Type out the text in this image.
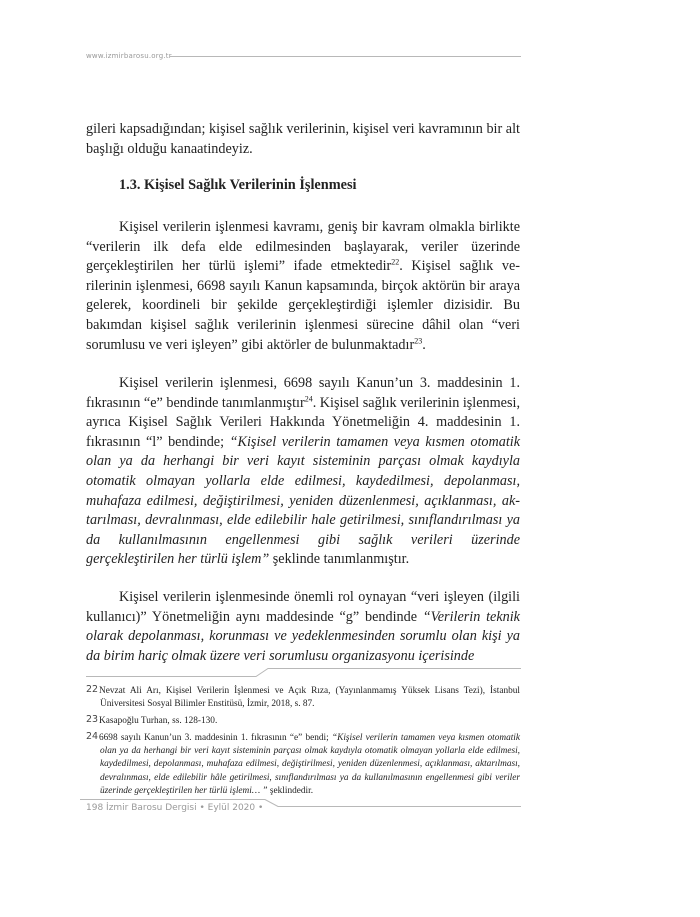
www.izmirbarosu.org.tr

gileri kapsadığından; kişisel sağlık verilerinin, kişisel veri kavramının bir alt başlığı olduğu kanaatindeyiz.

1.3. Kişisel Sağlık Verilerinin İşlenmesi

Kişisel verilerin işlenmesi kavramı, geniş bir kavram olmakla birlikte “verilerin ilk defa elde edilmesinden başlayarak, veriler üzerinde gerçekleştirilen her türlü işlemi” ifade etmektedir$^{22}$. Kişisel sağlık verilerinin işlenmesi, 6698 sayılı Kanun kapsamında, birçok aktörün bir araya gelerek, koordineli bir şekilde gerçekleştirdiği işlemler dizisidir. Bu bakımdan kişisel sağlık verilerinin işlenmesi sürecine dâhil olan “veri sorumlusu ve veri işleyen” gibi aktörler de bulunmaktadır$^{23}$.

Kişisel verilerin işlenmesi, 6698 sayılı Kanun’un 3. maddesinin 1. fıkrasının “e” bendinde tanımlanmıştır$^{24}$. Kişisel sağlık verilerinin işlenmesi, ayrıca Kişisel Sağlık Verileri Hakkında Yönetmeliğin 4. maddesinin 1. fıkrasının “l” bendinde; “Kişisel verilerin tamamen veya kısmen otomatik olan ya da herhangi bir veri kayıt sisteminin parçası olmak kaydıyla otomatik olmayan yollarla elde edilmesi, kaydedilmesi, depolanması, muhafaza edilmesi, değiştirilmesi, yeniden düzenlenmesi, açıklanması, aktarılması, devralınması, elde edilebilir hale getirilmesi, sınıflandırılması ya da kullanılmasının engellenmesi gibi sağlık verileri üzerinde gerçekleştirilen her türlü işlem” şeklinde tanımlanmıştır.

Kişisel verilerin işlenmesinde önemli rol oynayan “veri işleyen (ilgili kullanıcı)” Yönetmeliğin aynı maddesinde “g” bendinde “Verilerin teknik olarak depolanması, korunması ve yedeklenmesinden sorumlu olan kişi ya da birim hariç olmak üzere veri sorumlusu organizasyonu içerisinde

22 Nevzat Ali Arı, Kişisel Verilerin İşlenmesi ve Açık Rıza, (Yayınlanmamış Yüksek Lisans Tezi), İstanbul Üniversitesi Sosyal Bilimler Enstitüsü, İzmir, 2018, s. 87.
23 Kasapoğlu Turhan, ss. 128-130.
24 6698 sayılı Kanun’un 3. maddesinin 1. fıkrasının “e” bendi; “Kişisel verilerin tamamen veya kısmen otomatik olan ya da herhangi bir veri kayıt sisteminin parçası olmak kaydıyla otomatik olmayan yollarla elde edilmesi, kaydedilmesi, depolanması, muhafaza edilmesi, değiştirilmesi, yeniden düzenlenmesi, açıklanması, aktarılması, devralınması, elde edilebilir hâle getirilmesi, sınıflandırılması ya da kullanılmasının engellenmesi gibi veriler üzerinde gerçekleştirilen her türlü işlemi… ” şeklindedir.
198 İzmir Barosu Dergisi • Eylül 2020 •
